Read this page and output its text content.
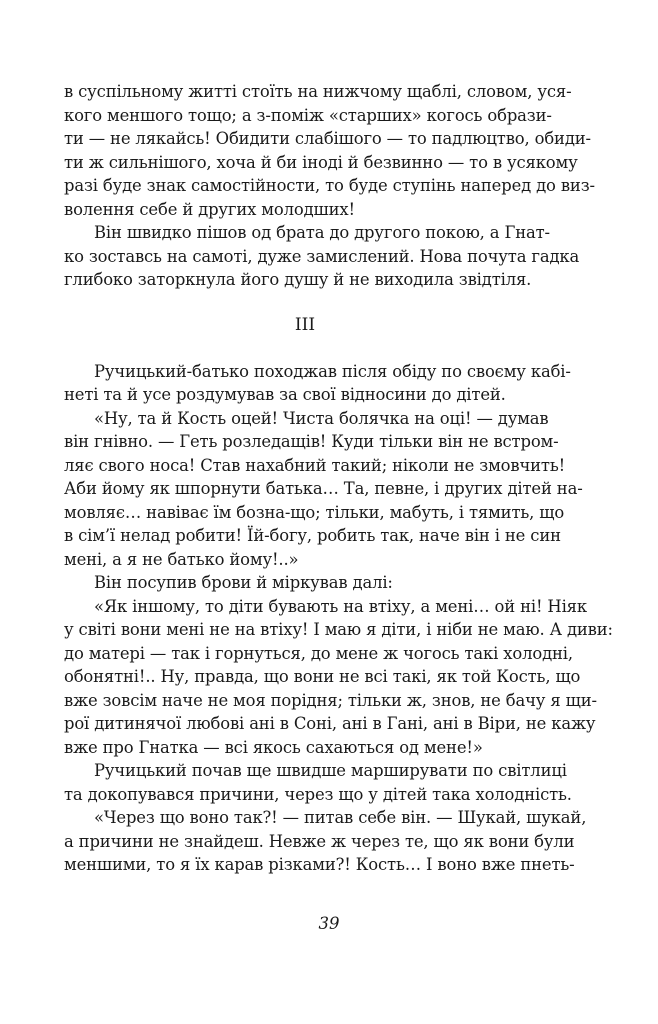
в суспільному житті стоїть на нижчому щаблі, словом, уся-
кого меншого тощо; а з-поміж «старших» когось образи-
ти — не лякайсь! Обидити слабішого — то падлюцтво, обиди-
ти ж сильнішого, хоча й би іноді й безвинно — то в усякому
разі буде знак самостійности, то буде ступінь наперед до виз-
волення себе й других молодших!
Він швидко пішов од брата до другого покою, а Гнат-
ко зоставсь на самоті, дуже замислений. Нова почута гадка
глибоко заторкнула його душу й не виходила звідтіля.
III
Ручицький-батько походжав після обіду по своєму кабі-
неті та й усе роздумував за свої відносини до дітей.
«Ну, та й Кость оцей! Чиста болячка на оці! — думав
він гнівно. — Геть розледащів! Куди тільки він не встром-
ляє свого носа! Став нахабний такий; ніколи не змовчить!
Аби йому як шпорнути батька… Та, певне, і других дітей на-
мовляє… навіває їм бозна-що; тільки, мабуть, і тямить, що
в сім’ї нелад робити! Їй-богу, робить так, наче він і не син
мені, а я не батько йому!..»
Він посупив брови й міркував далі:
«Як іншому, то діти бувають на втіху, а мені… ой ні! Ніяк
у світі вони мені не на втіху! І маю я діти, і ніби не маю. А диви:
до матері — так і горнуться, до мене ж чогось такі холодні,
обонятні!.. Ну, правда, що вони не всі такі, як той Кость, що
вже зовсім наче не моя порідня; тільки ж, знов, не бачу я щи-
рої дитинячої любові ані в Соні, ані в Гані, ані в Віри, не кажу
вже про Гнатка — всі якось сахаються од мене!»
Ручицький почав ще швидше марширувати по світлиці
та докопувався причини, через що у дітей така холодність.
«Через що воно так?! — питав себе він. — Шукай, шукай,
а причини не знайдеш. Невже ж через те, що як вони були
меншими, то я їх карав різками?! Кость… І воно вже пнеть-
39
